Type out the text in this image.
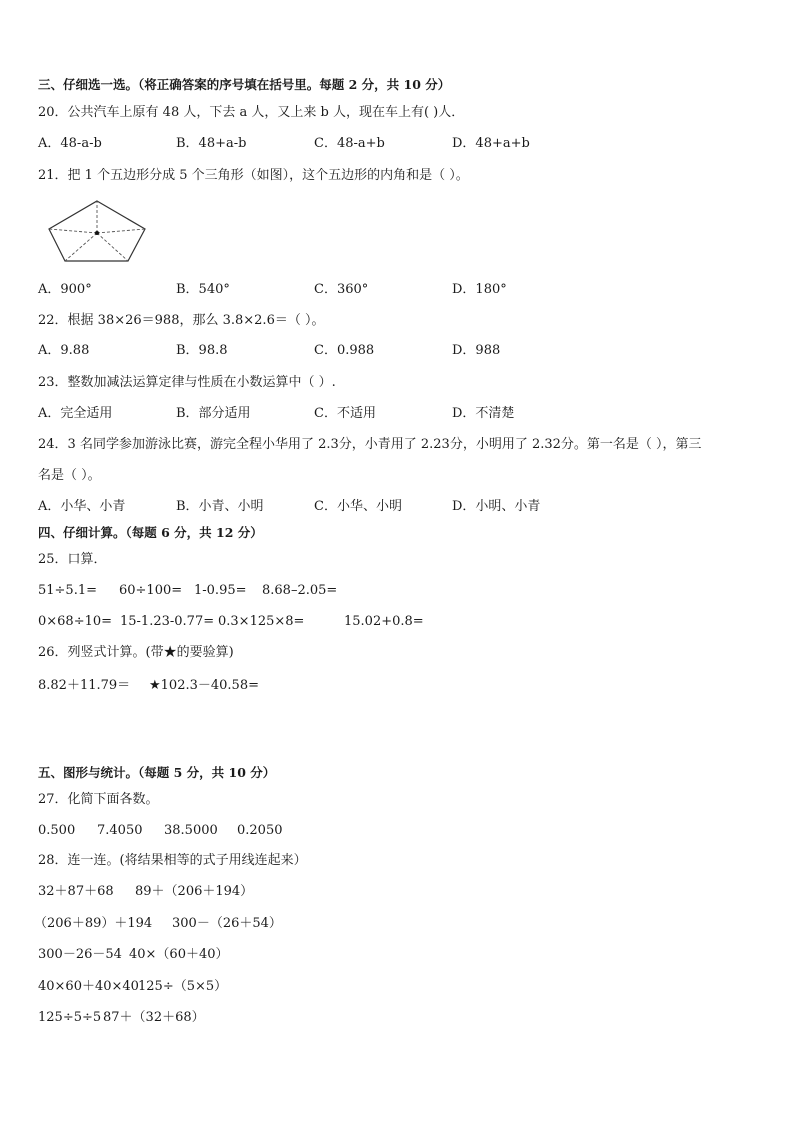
三、仔细选一选。（将正确答案的序号填在括号里。每题 2 分，共 10 分）
20．公共汽车上原有 48 人，下去 a 人，又上来 b 人，现在车上有( )人．
A．48-a-b	B．48+a-b	C．48-a+b	D．48+a+b
21．把 1 个五边形分成 5 个三角形（如图），这个五边形的内角和是（ ）。
A．900°	B．540°	C．360°	D．180°
22．根据 38×26＝988，那么 3.8×2.6＝（ ）。
A．9.88	B．98.8	C．0.988	D．988
23．整数加减法运算定律与性质在小数运算中（ ）.
A．完全适用	B．部分适用	C．不适用	D．不清楚
24．3 名同学参加游泳比赛，游完全程小华用了 2.3分，小青用了 2.23分，小明用了 2.32分。第一名是（ ），第三
名是（ ）。
A．小华、小青	B．小青、小明	C．小华、小明	D．小明、小青
四、仔细计算。（每题 6 分，共 12 分）
25．口算．
51÷5.1= 60÷100= 1-0.95= 8.68–2.05=
0×68÷10= 15-1.23-0.77= 0.3×125×8=	15.02+0.8=
26．列竖式计算。(带★的要验算)
8.82＋11.79＝ ★102.3－40.58=
五、图形与统计。（每题 5 分，共 10 分）
27．化简下面各数。
0.500 7.4050 38.5000 0.2050
28．连一连。(将结果相等的式子用线连起来）
32＋87＋68 89＋（206＋194）
（206＋89）＋194 300－（26＋54）
300－26－54 40×（60＋40）
40×60＋40×40 125÷（5×5）
125÷5÷5 87＋（32＋68）
